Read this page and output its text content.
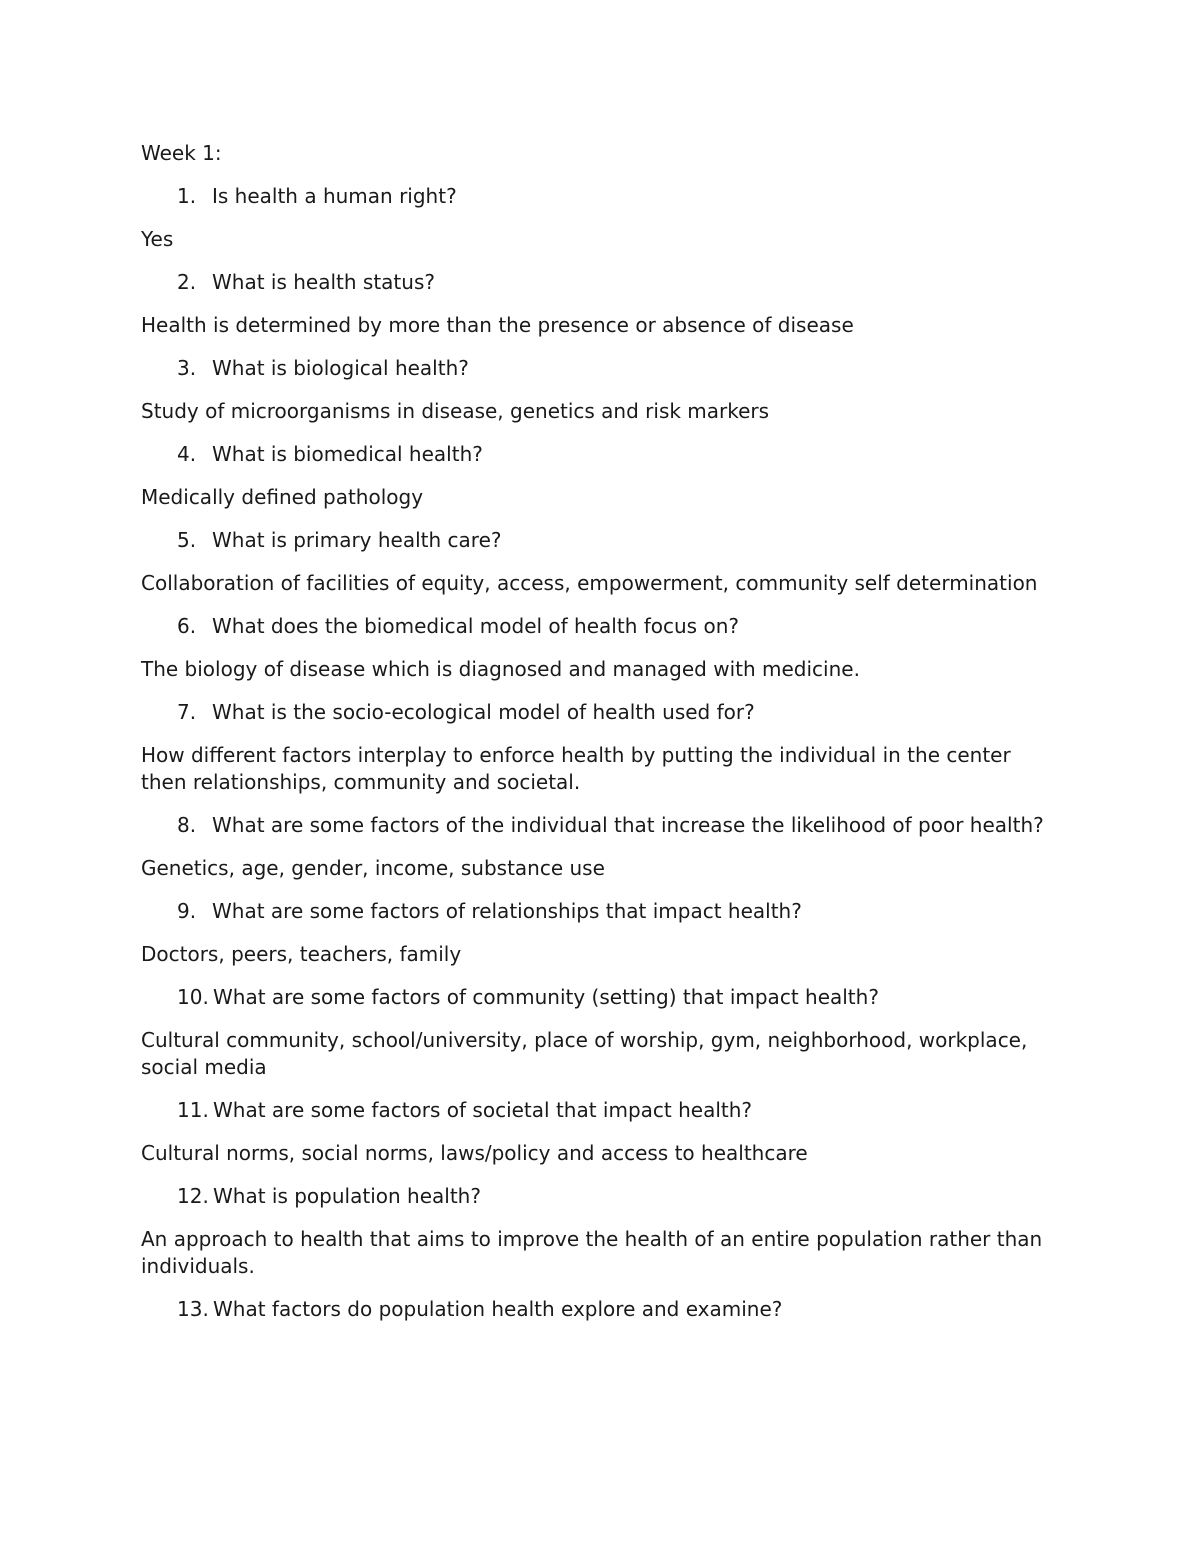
Week 1:
1. Is health a human right?
Yes
2. What is health status?
Health is determined by more than the presence or absence of disease
3. What is biological health?
Study of microorganisms in disease, genetics and risk markers
4. What is biomedical health?
Medically defined pathology
5. What is primary health care?
Collaboration of facilities of equity, access, empowerment, community self determination
6. What does the biomedical model of health focus on?
The biology of disease which is diagnosed and managed with medicine.
7. What is the socio-ecological model of health used for?
How different factors interplay to enforce health by putting the individual in the center then relationships, community and societal.
8. What are some factors of the individual that increase the likelihood of poor health?
Genetics, age, gender, income, substance use
9. What are some factors of relationships that impact health?
Doctors, peers, teachers, family
10. What are some factors of community (setting) that impact health?
Cultural community, school/university, place of worship, gym, neighborhood, workplace, social media
11. What are some factors of societal that impact health?
Cultural norms, social norms, laws/policy and access to healthcare
12. What is population health?
An approach to health that aims to improve the health of an entire population rather than individuals.
13. What factors do population health explore and examine?
